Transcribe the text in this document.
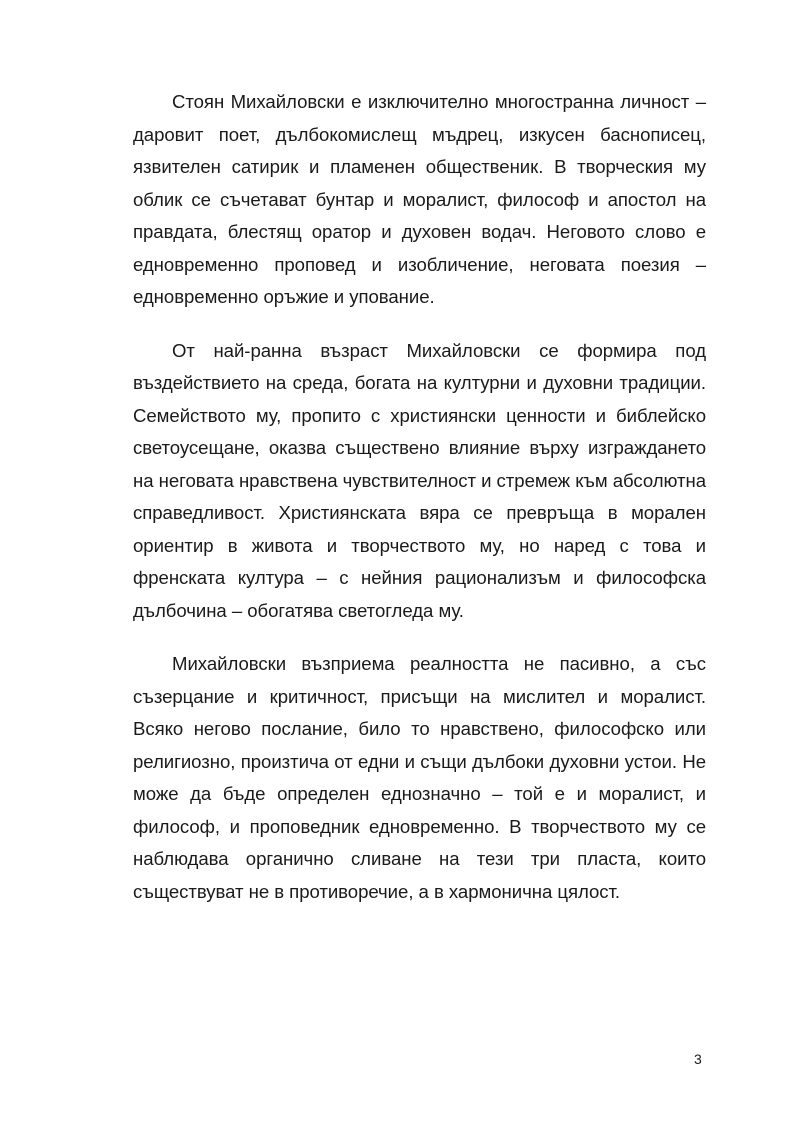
Стоян Михайловски е изключително многостранна личност – даровит поет, дълбокомислещ мъдрец, изкусен баснописец, язвителен сатирик и пламенен общественик. В творческия му облик се съчетават бунтар и моралист, философ и апостол на правдата, блестящ оратор и духовен водач. Неговото слово е едновременно проповед и изобличение, неговата поезия – едновременно оръжие и упование.

От най-ранна възраст Михайловски се формира под въздействието на среда, богата на културни и духовни традиции. Семейството му, пропито с християнски ценности и библейско светоусещане, оказва съществено влияние върху изграждането на неговата нравствена чувствителност и стремеж към абсолютна справедливост. Християнската вяра се превръща в морален ориентир в живота и творчеството му, но наред с това и френската култура – с нейния рационализъм и философска дълбочина – обогатява светогледа му.

Михайловски възприема реалността не пасивно, а със съзерцание и критичност, присъщи на мислител и моралист. Всяко негово послание, било то нравствено, философско или религиозно, произтича от едни и същи дълбоки духовни устои. Не може да бъде определен еднозначно – той е и моралист, и философ, и проповедник едновременно. В творчеството му се наблюдава органично сливане на тези три пласта, които съществуват не в противоречие, а в хармонична цялост.

3
